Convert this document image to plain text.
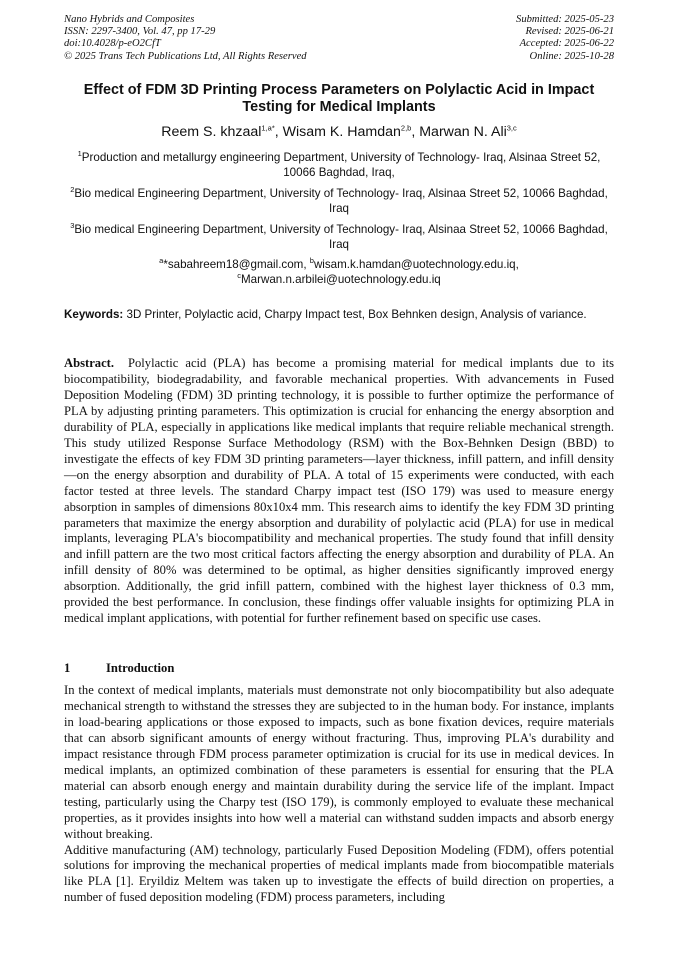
Nano Hybrids and Composites
ISSN: 2297-3400, Vol. 47, pp 17-29
doi:10.4028/p-eO2CfT
© 2025 Trans Tech Publications Ltd, All Rights Reserved
Submitted: 2025-05-23
Revised: 2025-06-21
Accepted: 2025-06-22
Online: 2025-10-28
Effect of FDM 3D Printing Process Parameters on Polylactic Acid in Impact Testing for Medical Implants
Reem S. khzaal$^{1,a*}$, Wisam K. Hamdan$^{2,b}$, Marwan N. Ali$^{3,c}$
$^1$Production and metallurgy engineering Department, University of Technology- Iraq, Alsinaa Street 52, 10066 Baghdad, Iraq,
$^2$Bio medical Engineering Department, University of Technology- Iraq, Alsinaa Street 52, 10066 Baghdad, Iraq
$^3$Bio medical Engineering Department, University of Technology- Iraq, Alsinaa Street 52, 10066 Baghdad, Iraq
$^a$*sabahreem18@gmail.com, $^b$wisam.k.hamdan@uotechnology.edu.iq,
$^c$Marwan.n.arbilei@uotechnology.edu.iq
Keywords: 3D Printer, Polylactic acid, Charpy Impact test, Box Behnken design, Analysis of variance.
Abstract. Polylactic acid (PLA) has become a promising material for medical implants due to its biocompatibility, biodegradability, and favorable mechanical properties. With advancements in Fused Deposition Modeling (FDM) 3D printing technology, it is possible to further optimize the performance of PLA by adjusting printing parameters. This optimization is crucial for enhancing the energy absorption and durability of PLA, especially in applications like medical implants that require reliable mechanical strength. This study utilized Response Surface Methodology (RSM) with the Box-Behnken Design (BBD) to investigate the effects of key FDM 3D printing parameters—layer thickness, infill pattern, and infill density—on the energy absorption and durability of PLA. A total of 15 experiments were conducted, with each factor tested at three levels. The standard Charpy impact test (ISO 179) was used to measure energy absorption in samples of dimensions 80x10x4 mm. This research aims to identify the key FDM 3D printing parameters that maximize the energy absorption and durability of polylactic acid (PLA) for use in medical implants, leveraging PLA's biocompatibility and mechanical properties. The study found that infill density and infill pattern are the two most critical factors affecting the energy absorption and durability of PLA. An infill density of 80% was determined to be optimal, as higher densities significantly improved energy absorption. Additionally, the grid infill pattern, combined with the highest layer thickness of 0.3 mm, provided the best performance. In conclusion, these findings offer valuable insights for optimizing PLA in medical implant applications, with potential for further refinement based on specific use cases.
1	Introduction

In the context of medical implants, materials must demonstrate not only biocompatibility but also adequate mechanical strength to withstand the stresses they are subjected to in the human body. For instance, implants in load-bearing applications or those exposed to impacts, such as bone fixation devices, require materials that can absorb significant amounts of energy without fracturing. Thus, improving PLA's durability and impact resistance through FDM process parameter optimization is crucial for its use in medical devices. In medical implants, an optimized combination of these parameters is essential for ensuring that the PLA material can absorb enough energy and maintain durability during the service life of the implant. Impact testing, particularly using the Charpy test (ISO 179), is commonly employed to evaluate these mechanical properties, as it provides insights into how well a material can withstand sudden impacts and absorb energy without breaking.

Additive manufacturing (AM) technology, particularly Fused Deposition Modeling (FDM), offers potential solutions for improving the mechanical properties of medical implants made from biocompatible materials like PLA [1]. Eryildiz Meltem was taken up to investigate the effects of build direction on properties, a number of fused deposition modeling (FDM) process parameters, including
